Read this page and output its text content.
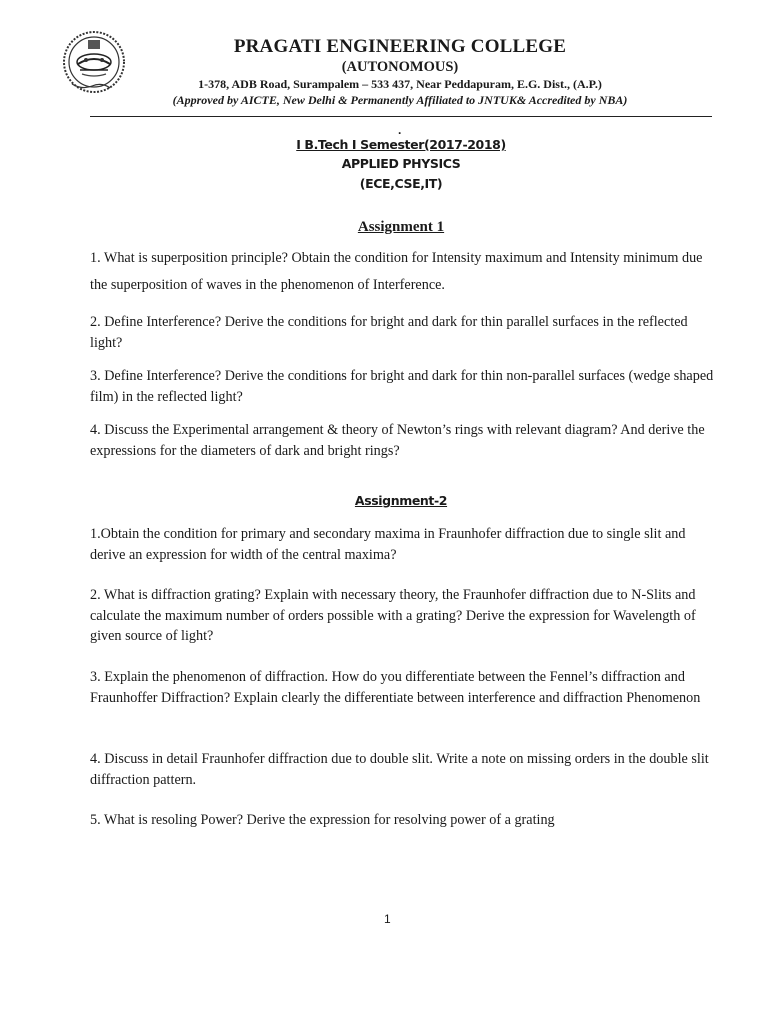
PRAGATI ENGINEERING COLLEGE
(AUTONOMOUS)
1-378, ADB Road, Surampalem – 533 437, Near Peddapuram, E.G. Dist., (A.P.)
(Approved by AICTE, New Delhi & Permanently Affiliated to JNTUK& Accredited by NBA)
.
I B.Tech I Semester(2017-2018)
APPLIED PHYSICS
(ECE,CSE,IT)
Assignment 1
1. What is superposition principle? Obtain the condition for Intensity maximum and Intensity minimum due the superposition of waves in the phenomenon of Interference.
2. Define Interference? Derive the conditions for bright and dark for thin parallel surfaces in the reflected light?
3. Define Interference? Derive the conditions for bright and dark for thin non-parallel surfaces (wedge shaped film) in the reflected light?
4. Discuss the Experimental arrangement & theory of Newton’s rings with relevant diagram? And derive the expressions for the diameters of dark and bright rings?
Assignment-2
1.Obtain the condition for primary and secondary maxima in Fraunhofer diffraction due to single slit and derive an expression for width of the central maxima?
2. What is diffraction grating? Explain with necessary theory, the Fraunhofer diffraction due to N-Slits and calculate the maximum number of orders possible with a grating? Derive the expression for Wavelength of given source of light?
3. Explain the phenomenon of diffraction. How do you differentiate between the Fennel’s diffraction and Fraunhoffer Diffraction? Explain clearly the differentiate between interference and diffraction Phenomenon
4. Discuss in detail Fraunhofer diffraction due to double slit. Write a note on missing orders in the double slit diffraction pattern.
5. What is resoling Power? Derive the expression for resolving power of a grating
1
